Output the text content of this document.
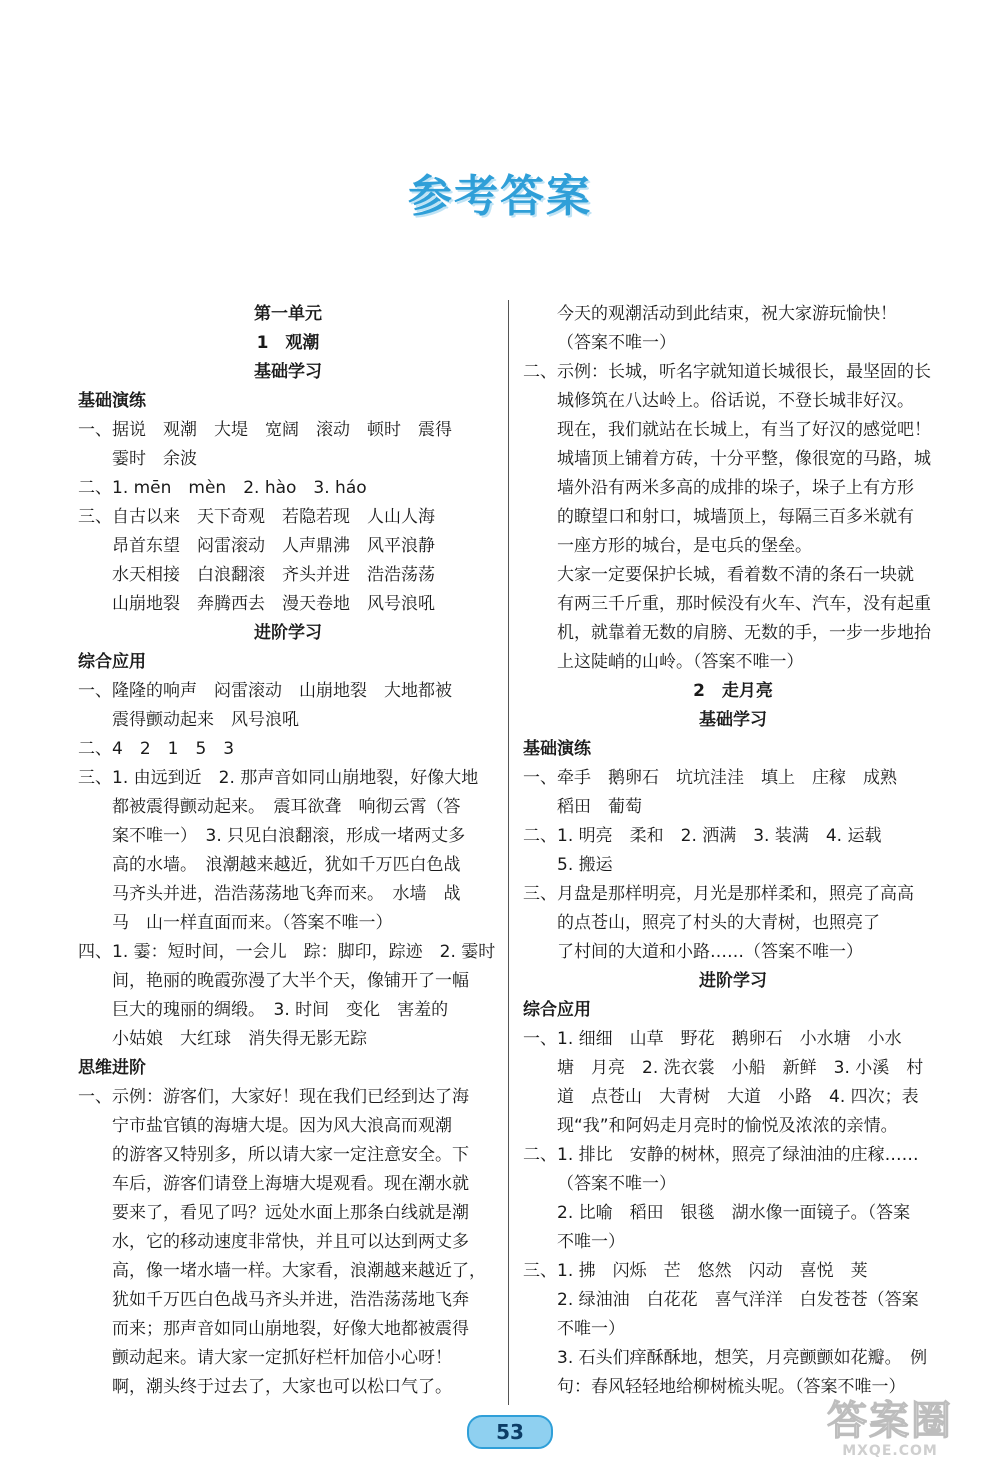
参考答案

第一单元

1　观潮

基础学习

基础演练

一、据说　观潮　大堤　宽阔　滚动　顿时　震得

霎时　余波

二、1. mēn　mèn　2. hào　3. háo

三、自古以来　天下奇观　若隐若现　人山人海

昂首东望　闷雷滚动　人声鼎沸　风平浪静

水天相接　白浪翻滚　齐头并进　浩浩荡荡

山崩地裂　奔腾西去　漫天卷地　风号浪吼

进阶学习

综合应用

一、隆隆的响声　闷雷滚动　山崩地裂　大地都被

震得颤动起来　风号浪吼

二、4　2　1　5　3

三、1. 由远到近　2. 那声音如同山崩地裂，好像大地

都被震得颤动起来。　震耳欲聋　响彻云霄（答

案不唯一）　3. 只见白浪翻滚，形成一堵两丈多

高的水墙。　浪潮越来越近，犹如千万匹白色战

马齐头并进，浩浩荡荡地飞奔而来。　水墙　战

马　山一样直面而来。（答案不唯一）

四、1. 霎：短时间，一会儿　踪：脚印，踪迹　2. 霎时

间，艳丽的晚霞弥漫了大半个天，像铺开了一幅

巨大的瑰丽的绸缎。　3. 时间　变化　害羞的

小姑娘　大红球　消失得无影无踪

思维进阶

一、示例：游客们，大家好！现在我们已经到达了海

宁市盐官镇的海塘大堤。因为风大浪高而观潮

的游客又特别多，所以请大家一定注意安全。下

车后，游客们请登上海塘大堤观看。现在潮水就

要来了，看见了吗？远处水面上那条白线就是潮

水，它的移动速度非常快，并且可以达到两丈多

高，像一堵水墙一样。大家看，浪潮越来越近了，

犹如千万匹白色战马齐头并进，浩浩荡荡地飞奔

而来；那声音如同山崩地裂，好像大地都被震得

颤动起来。请大家一定抓好栏杆加倍小心呀！

啊，潮头终于过去了，大家也可以松口气了。

今天的观潮活动到此结束，祝大家游玩愉快！

（答案不唯一）

二、示例：长城，听名字就知道长城很长，最坚固的长

城修筑在八达岭上。俗话说，不登长城非好汉。

现在，我们就站在长城上，有当了好汉的感觉吧！

城墙顶上铺着方砖，十分平整，像很宽的马路，城

墙外沿有两米多高的成排的垛子，垛子上有方形

的瞭望口和射口，城墙顶上，每隔三百多米就有

一座方形的城台，是屯兵的堡垒。

大家一定要保护长城，看着数不清的条石一块就

有两三千斤重，那时候没有火车、汽车，没有起重

机，就靠着无数的肩膀、无数的手，一步一步地抬

上这陡峭的山岭。（答案不唯一）

2　走月亮

基础学习

基础演练

一、牵手　鹅卵石　坑坑洼洼　填上　庄稼　成熟

稻田　葡萄

二、1. 明亮　柔和　2. 洒满　3. 装满　4. 运载

5. 搬运

三、月盘是那样明亮，月光是那样柔和，照亮了高高

的点苍山，照亮了村头的大青树，也照亮了

了村间的大道和小路……（答案不唯一）

进阶学习

综合应用

一、1. 细细　山草　野花　鹅卵石　小水塘　小水

塘　月亮　2. 洗衣裳　小船　新鲜　3. 小溪　村

道　点苍山　大青树　大道　小路　4. 四次；表

现“我”和阿妈走月亮时的愉悦及浓浓的亲情。

二、1. 排比　安静的树林，照亮了绿油油的庄稼……

（答案不唯一）

2. 比喻　稻田　银毯　湖水像一面镜子。（答案

不唯一）

三、1. 拂　闪烁　芒　悠然　闪动　喜悦　荚

2. 绿油油　白花花　喜气洋洋　白发苍苍（答案

不唯一）

3. 石头们痒酥酥地，想笑，月亮颤颤如花瓣。　例

句：春风轻轻地给柳树梳头呢。（答案不唯一）

53	答案圈
MXQE.COM
